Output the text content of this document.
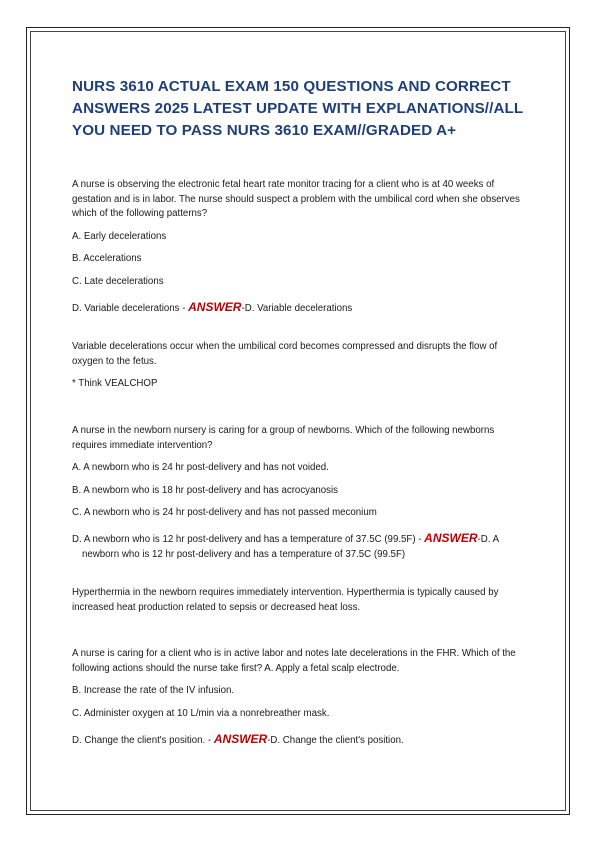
NURS 3610 ACTUAL EXAM 150 QUESTIONS AND CORRECT ANSWERS 2025 LATEST UPDATE WITH EXPLANATIONS//ALL YOU NEED TO PASS NURS 3610 EXAM//GRADED A+

A nurse is observing the electronic fetal heart rate monitor tracing for a client who is at 40 weeks of gestation and is in labor. The nurse should suspect a problem with the umbilical cord when she observes which of the following patterns?

A. Early decelerations

B. Accelerations

C. Late decelerations

D. Variable decelerations - ANSWER-D. Variable decelerations

Variable decelerations occur when the umbilical cord becomes compressed and disrupts the flow of oxygen to the fetus.

* Think VEALCHOP

A nurse in the newborn nursery is caring for a group of newborns. Which of the following newborns requires immediate intervention?

A. A newborn who is 24 hr post-delivery and has not voided.

B. A newborn who is 18 hr post-delivery and has acrocyanosis

C. A newborn who is 24 hr post-delivery and has not passed meconium

D. A newborn who is 12 hr post-delivery and has a temperature of 37.5C (99.5F) - ANSWER-D. A newborn who is 12 hr post-delivery and has a temperature of 37.5C (99.5F)

Hyperthermia in the newborn requires immediately intervention. Hyperthermia is typically caused by increased heat production related to sepsis or decreased heat loss.

A nurse is caring for a client who is in active labor and notes late decelerations in the FHR. Which of the following actions should the nurse take first? A. Apply a fetal scalp electrode.

B. Increase the rate of the IV infusion.

C. Administer oxygen at 10 L/min via a nonrebreather mask.

D. Change the client's position. - ANSWER-D. Change the client's position.
